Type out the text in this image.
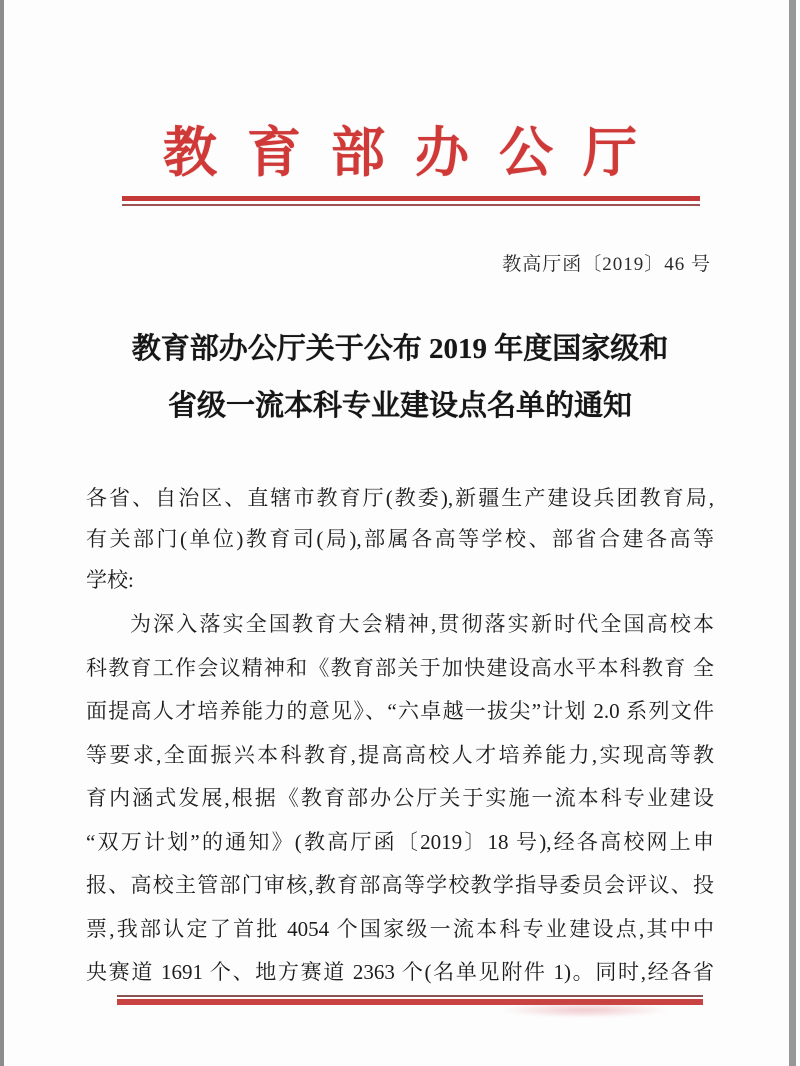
教育部办公厅
教高厅函〔2019〕46 号
教育部办公厅关于公布 2019 年度国家级和
省级一流本科专业建设点名单的通知
各省、自治区、直辖市教育厅(教委),新疆生产建设兵团教育局,
有关部门(单位)教育司(局),部属各高等学校、部省合建各高等
学校:
为深入落实全国教育大会精神,贯彻落实新时代全国高校本
科教育工作会议精神和《教育部关于加快建设高水平本科教育 全
面提高人才培养能力的意见》、“六卓越一拔尖”计划 2.0 系列文件
等要求,全面振兴本科教育,提高高校人才培养能力,实现高等教
育内涵式发展,根据《教育部办公厅关于实施一流本科专业建设
“双万计划”的通知》(教高厅函〔2019〕18 号),经各高校网上申
报、高校主管部门审核,教育部高等学校教学指导委员会评议、投
票,我部认定了首批 4054 个国家级一流本科专业建设点,其中中
央赛道 1691 个、地方赛道 2363 个(名单见附件 1)。同时,经各省
